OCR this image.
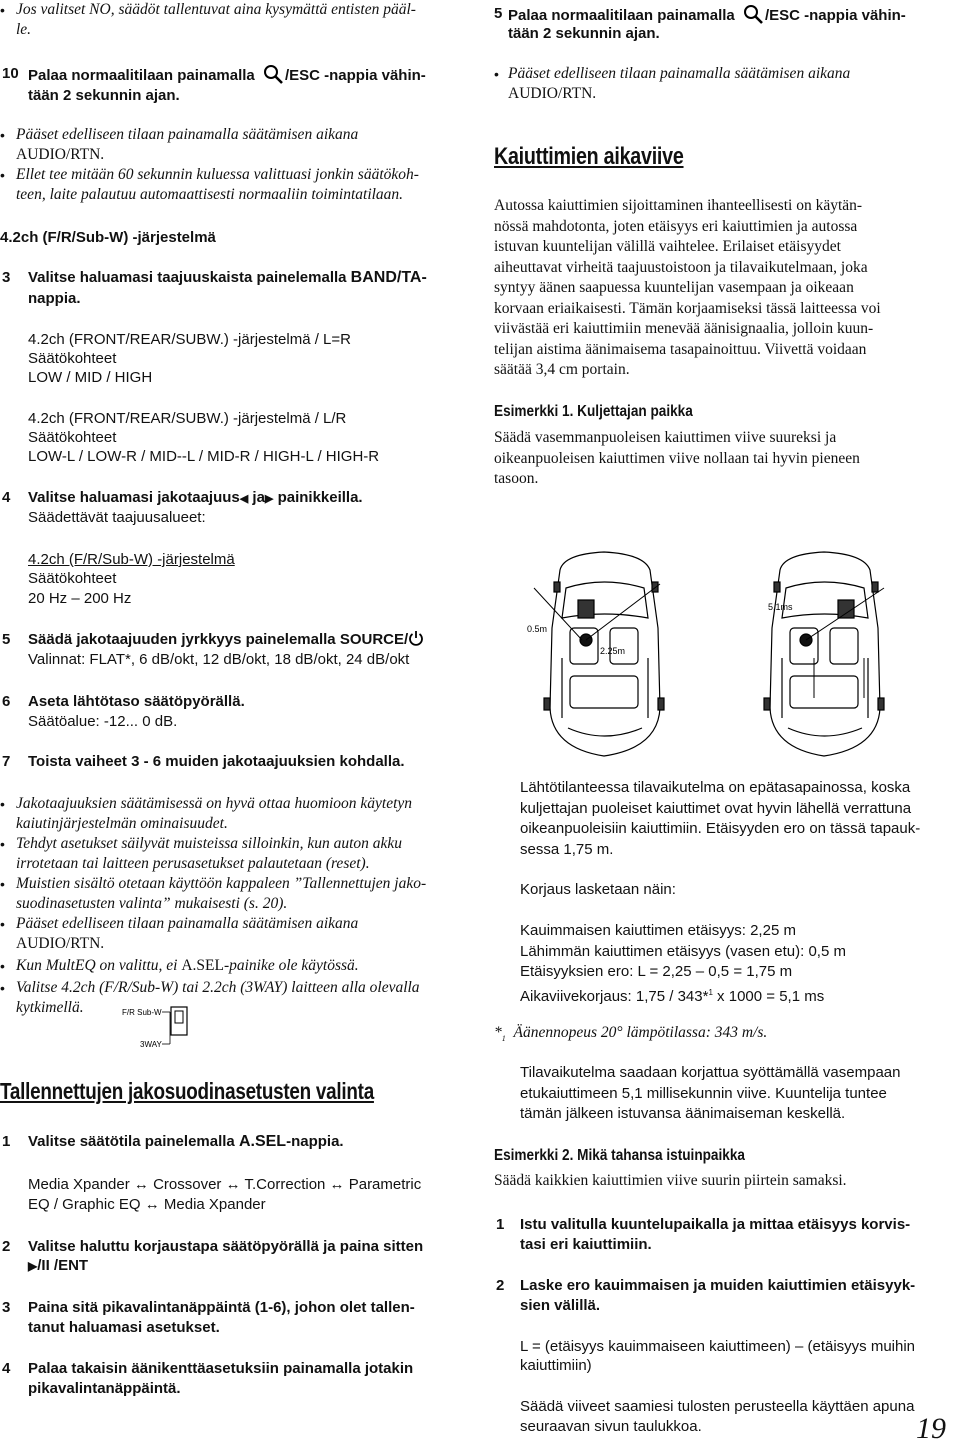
• Jos valitset NO, säädöt tallentuvat aina kysymättä entisten pääl-
le.
10 Palaa normaalitilaan painamalla /ESC -nappia vähin-
tään 2 sekunnin ajan.
• Pääset edelliseen tilaan painamalla säätämisen aikana
AUDIO/RTN.
• Ellet tee mitään 60 sekunnin kuluessa valittuasi jonkin säätökoh-
teen, laite palautuu automaattisesti normaaliin toimintatilaan.
4.2ch (F/R/Sub-W) -järjestelmä
3 Valitse haluamasi taajuuskaista painelemalla BAND/TA-
nappia.
4.2ch (FRONT/REAR/SUBW.) -järjestelmä / L=R
Säätökohteet
LOW / MID / HIGH
4.2ch (FRONT/REAR/SUBW.) -järjestelmä / L/R
Säätökohteet
LOW-L / LOW-R / MID--L / MID-R / HIGH-L / HIGH-R
4 Valitse haluamasi jakotaajuus◀ ja▶ painikkeilla.
Säädettävät taajuusalueet:
4.2ch (F/R/Sub-W) -järjestelmä
Säätökohteet
20 Hz – 200 Hz
5 Säädä jakotaajuuden jyrkkyys painelemalla SOURCE/
Valinnat: FLAT*, 6 dB/okt, 12 dB/okt, 18 dB/okt, 24 dB/okt
6 Aseta lähtötaso säätöpyörällä.
Säätöalue: -12... 0 dB.
7 Toista vaiheet 3 - 6 muiden jakotaajuuksien kohdalla.
• Jakotaajuuksien säätämisessä on hyvä ottaa huomioon käytetyn
kaiutinjärjestelmän ominaisuudet.
• Tehdyt asetukset säilyvät muisteissa silloinkin, kun auton akku
irrotetaan tai laitteen perusasetukset palautetaan (reset).
• Muistien sisältö otetaan käyttöön kappaleen ”Tallennettujen jako-
suodinasetusten valinta” mukaisesti (s. 20).
• Pääset edelliseen tilaan painamalla säätämisen aikana
AUDIO/RTN.
• Kun MultEQ on valittu, ei A.SEL-painike ole käytössä.
• Valitse 4.2ch (F/R/Sub-W) tai 2.2ch (3WAY) laitteen alla olevalla
kytkimellä.	F/R Sub-W
3WAY
Tallennettujen jakosuodinasetusten valinta
1 Valitse säätötila painelemalla A.SEL-nappia.
Media Xpander ↔ Crossover ↔ T.Correction ↔ Parametric
EQ / Graphic EQ ↔ Media Xpander
2 Valitse haluttu korjaustapa säätöpyörällä ja paina sitten
▶/II /ENT
3 Paina sitä pikavalintanäppäintä (1-6), johon olet tallen-
tanut haluamasi asetukset.
4 Palaa takaisin äänikenttäasetuksiin painamalla jotakin
pikavalintanäppäintä.
5 Palaa normaalitilaan painamalla /ESC -nappia vähin-
tään 2 sekunnin ajan.
• Pääset edelliseen tilaan painamalla säätämisen aikana
AUDIO/RTN.
Kaiuttimien aikaviive
Autossa kaiuttimien sijoittaminen ihanteellisesti on käytän-
nössä mahdotonta, joten etäisyys eri kaiuttimien ja autossa
istuvan kuuntelijan välillä vaihtelee. Erilaiset etäisyydet
aiheuttavat virheitä taajuustoistoon ja tilavaikutelmaan, joka
syntyy äänen saapuessa kuuntelijan vasempaan ja oikeaan
korvaan eriaikaisesti. Tämän korjaamiseksi tässä laitteessa voi
viivästää eri kaiuttimiin menevää äänisignaalia, jolloin kuun-
telijan aistima äänimaisema tasapainoittuu. Viivettä voidaan
säätää 3,4 cm portain.
Esimerkki 1. Kuljettajan paikka
Säädä vasemmanpuoleisen kaiuttimen viive suureksi ja
oikeanpuoleisen kaiuttimen viive nollaan tai hyvin pieneen
tasoon.
0.5m
2.25m
5.1ms
Lähtötilanteessa tilavaikutelma on epätasapainossa, koska
kuljettajan puoleiset kaiuttimet ovat hyvin lähellä verrattuna
oikeanpuoleisiin kaiuttimiin. Etäisyyden ero on tässä tapauk-
sessa 1,75 m.
Korjaus lasketaan näin:
Kauimmaisen kaiuttimen etäisyys: 2,25 m
Lähimmän kaiuttimen etäisyys (vasen etu): 0,5 m
Etäisyyksien ero: L = 2,25 – 0,5 = 1,75 m
Aikaviivekorjaus: 1,75 / 343*$^1$ x 1000 = 5,1 ms
$*_1$ Äänennopeus 20° lämpötilassa: 343 m/s.
Tilavaikutelma saadaan korjattua syöttämällä vasempaan
etukaiuttimeen 5,1 millisekunnin viive. Kuuntelija tuntee
tämän jälkeen istuvansa äänimaiseman keskellä.
Esimerkki 2. Mikä tahansa istuinpaikka
Säädä kaikkien kaiuttimien viive suurin piirtein samaksi.
1 Istu valitulla kuuntelupaikalla ja mittaa etäisyys korvis-
tasi eri kaiuttimiin.
2 Laske ero kauimmaisen ja muiden kaiuttimien etäisyyk-
sien välillä.
L = (etäisyys kauimmaiseen kaiuttimeen) – (etäisyys muihin
kaiuttimiin)
Säädä viiveet saamiesi tulosten perusteella käyttäen apuna
seuraavan sivun taulukkoa.	19
